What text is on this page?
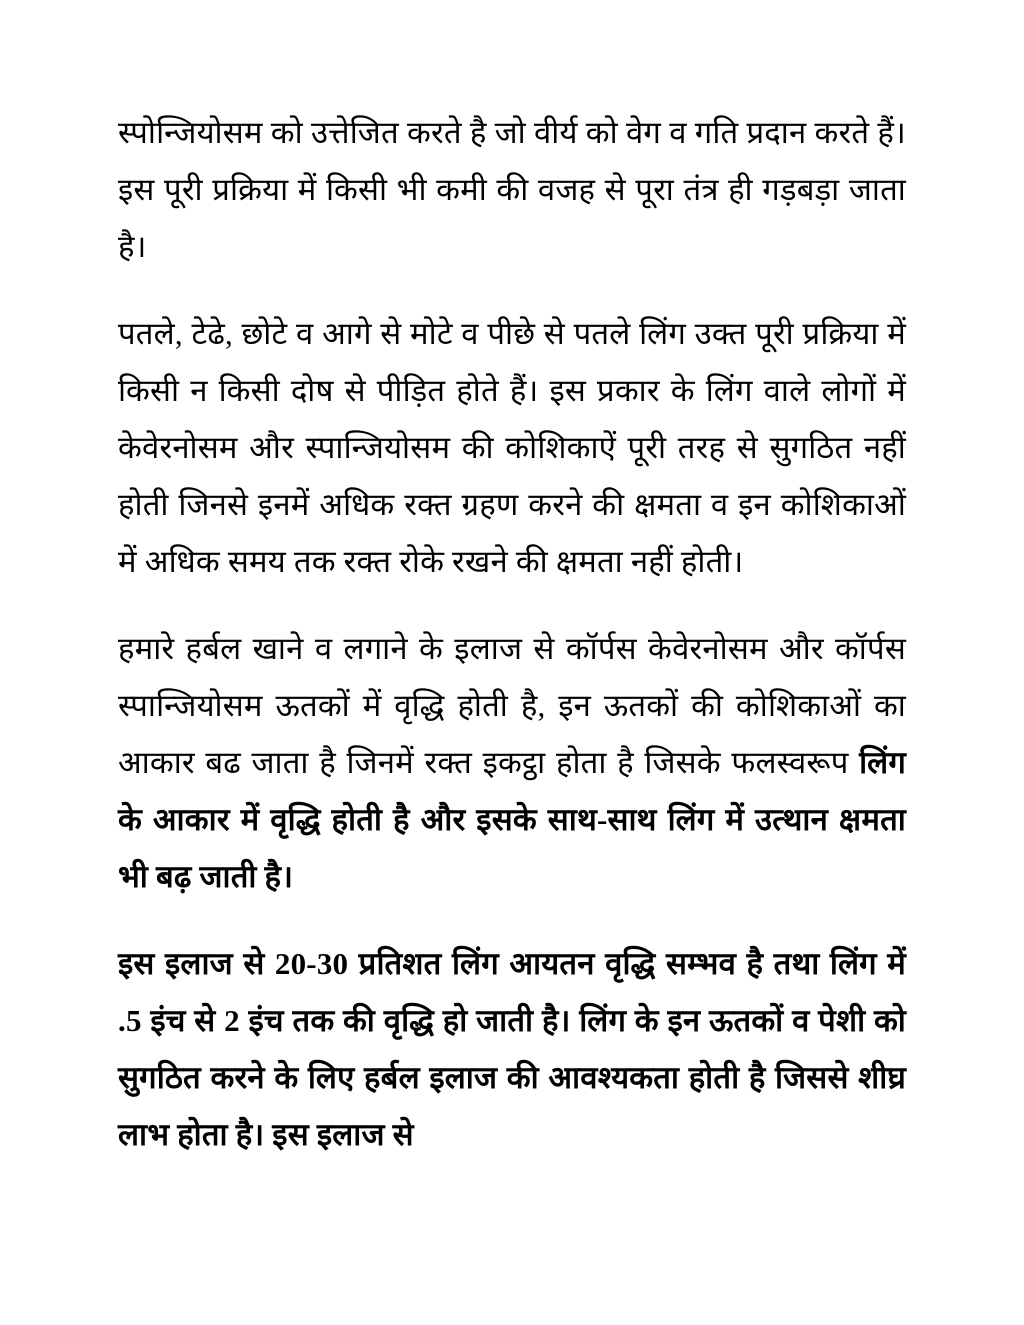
स्पोन्जियोसम को उत्तेजित करते है जो वीर्य को वेग व गति प्रदान करते हैं। इस पूरी प्रक्रिया में किसी भी कमी की वजह से पूरा तंत्र ही गड़बड़ा जाता है।

पतले, टेढे, छोटे व आगे से मोटे व पीछे से पतले लिंग उक्त पूरी प्रक्रिया में किसी न किसी दोष से पीड़ित होते हैं। इस प्रकार के लिंग वाले लोगों में केवेरनोसम और स्पान्जियोसम की कोशिकाऐं पूरी तरह से सुगठित नहीं होती जिनसे इनमें अधिक रक्त ग्रहण करने की क्षमता व इन कोशिकाओं में अधिक समय तक रक्त रोके रखने की क्षमता नहीं होती।

हमारे हर्बल खाने व लगाने के इलाज से कॉर्पस केवेरनोसम और कॉर्पस स्पान्जियोसम ऊतकों में वृद्धि होती है, इन ऊतकों की कोशिकाओं का आकार बढ जाता है जिनमें रक्त इकट्ठा होता है जिसके फलस्वरूप लिंग के आकार में वृद्धि होती है और इसके साथ-साथ लिंग में उत्थान क्षमता भी बढ़ जाती है।

इस इलाज से 20-30 प्रतिशत लिंग आयतन वृद्धि सम्भव है तथा लिंग में .5 इंच से 2 इंच तक की वृद्धि हो जाती है। लिंग के इन ऊतकों व पेशी को सुगठित करने के लिए हर्बल इलाज की आवश्यकता होती है जिससे शीघ्र लाभ होता है। इस इलाज से
